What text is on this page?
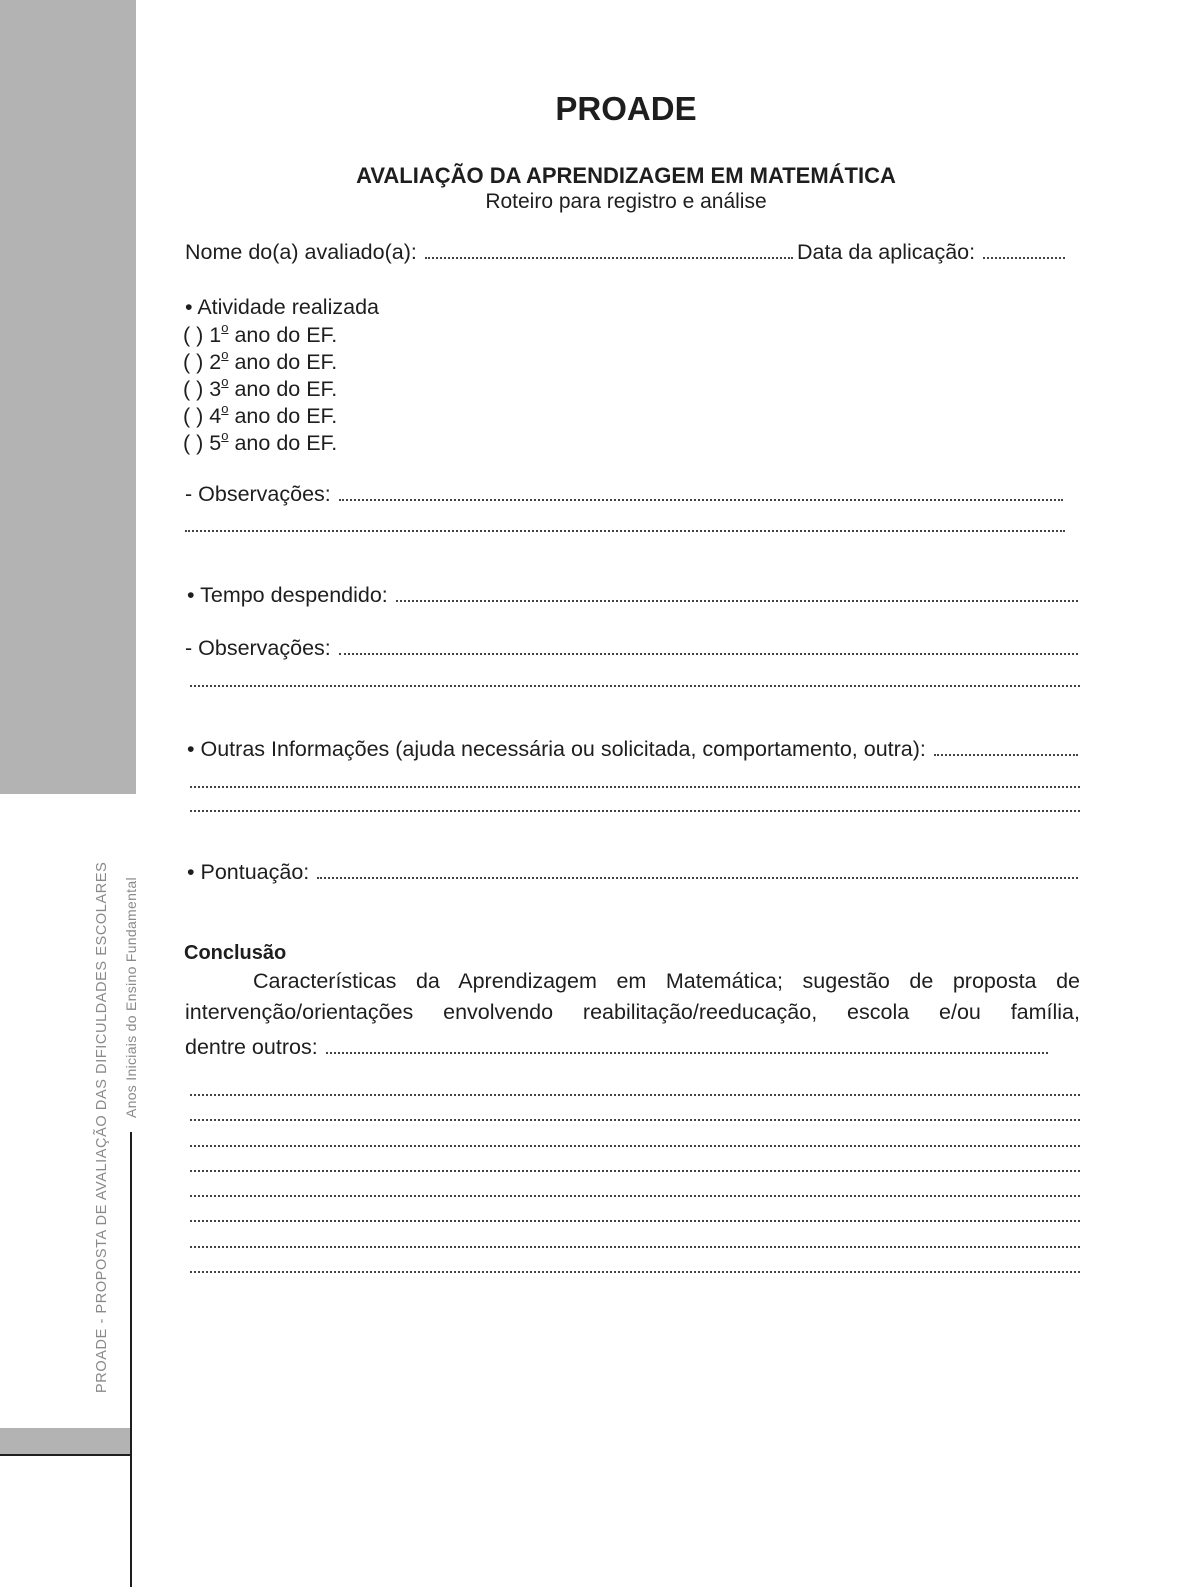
PROADE - PROPOSTA DE AVALIAÇÃO DAS DIFICULDADES ESCOLARES Anos Iniciais do Ensino Fundamental
PROADE
AVALIAÇÃO DA APRENDIZAGEM EM MATEMÁTICA
Roteiro para registro e análise
Nome do(a) avaliado(a):	Data da aplicação:
• Atividade realizada
( ) 1$^o$ ano do EF.
( ) 2$^o$ ano do EF.
( ) 3$^o$ ano do EF.
( ) 4$^o$ ano do EF.
( ) 5$^o$ ano do EF.
- Observações:
• Tempo despendido:
- Observações:
• Outras Informações (ajuda necessária ou solicitada, comportamento, outra):
• Pontuação:
Conclusão
Características da Aprendizagem em Matemática; sugestão de proposta de
intervenção/orientações envolvendo reabilitação/reeducação, escola e/ou família,
dentre outros:
